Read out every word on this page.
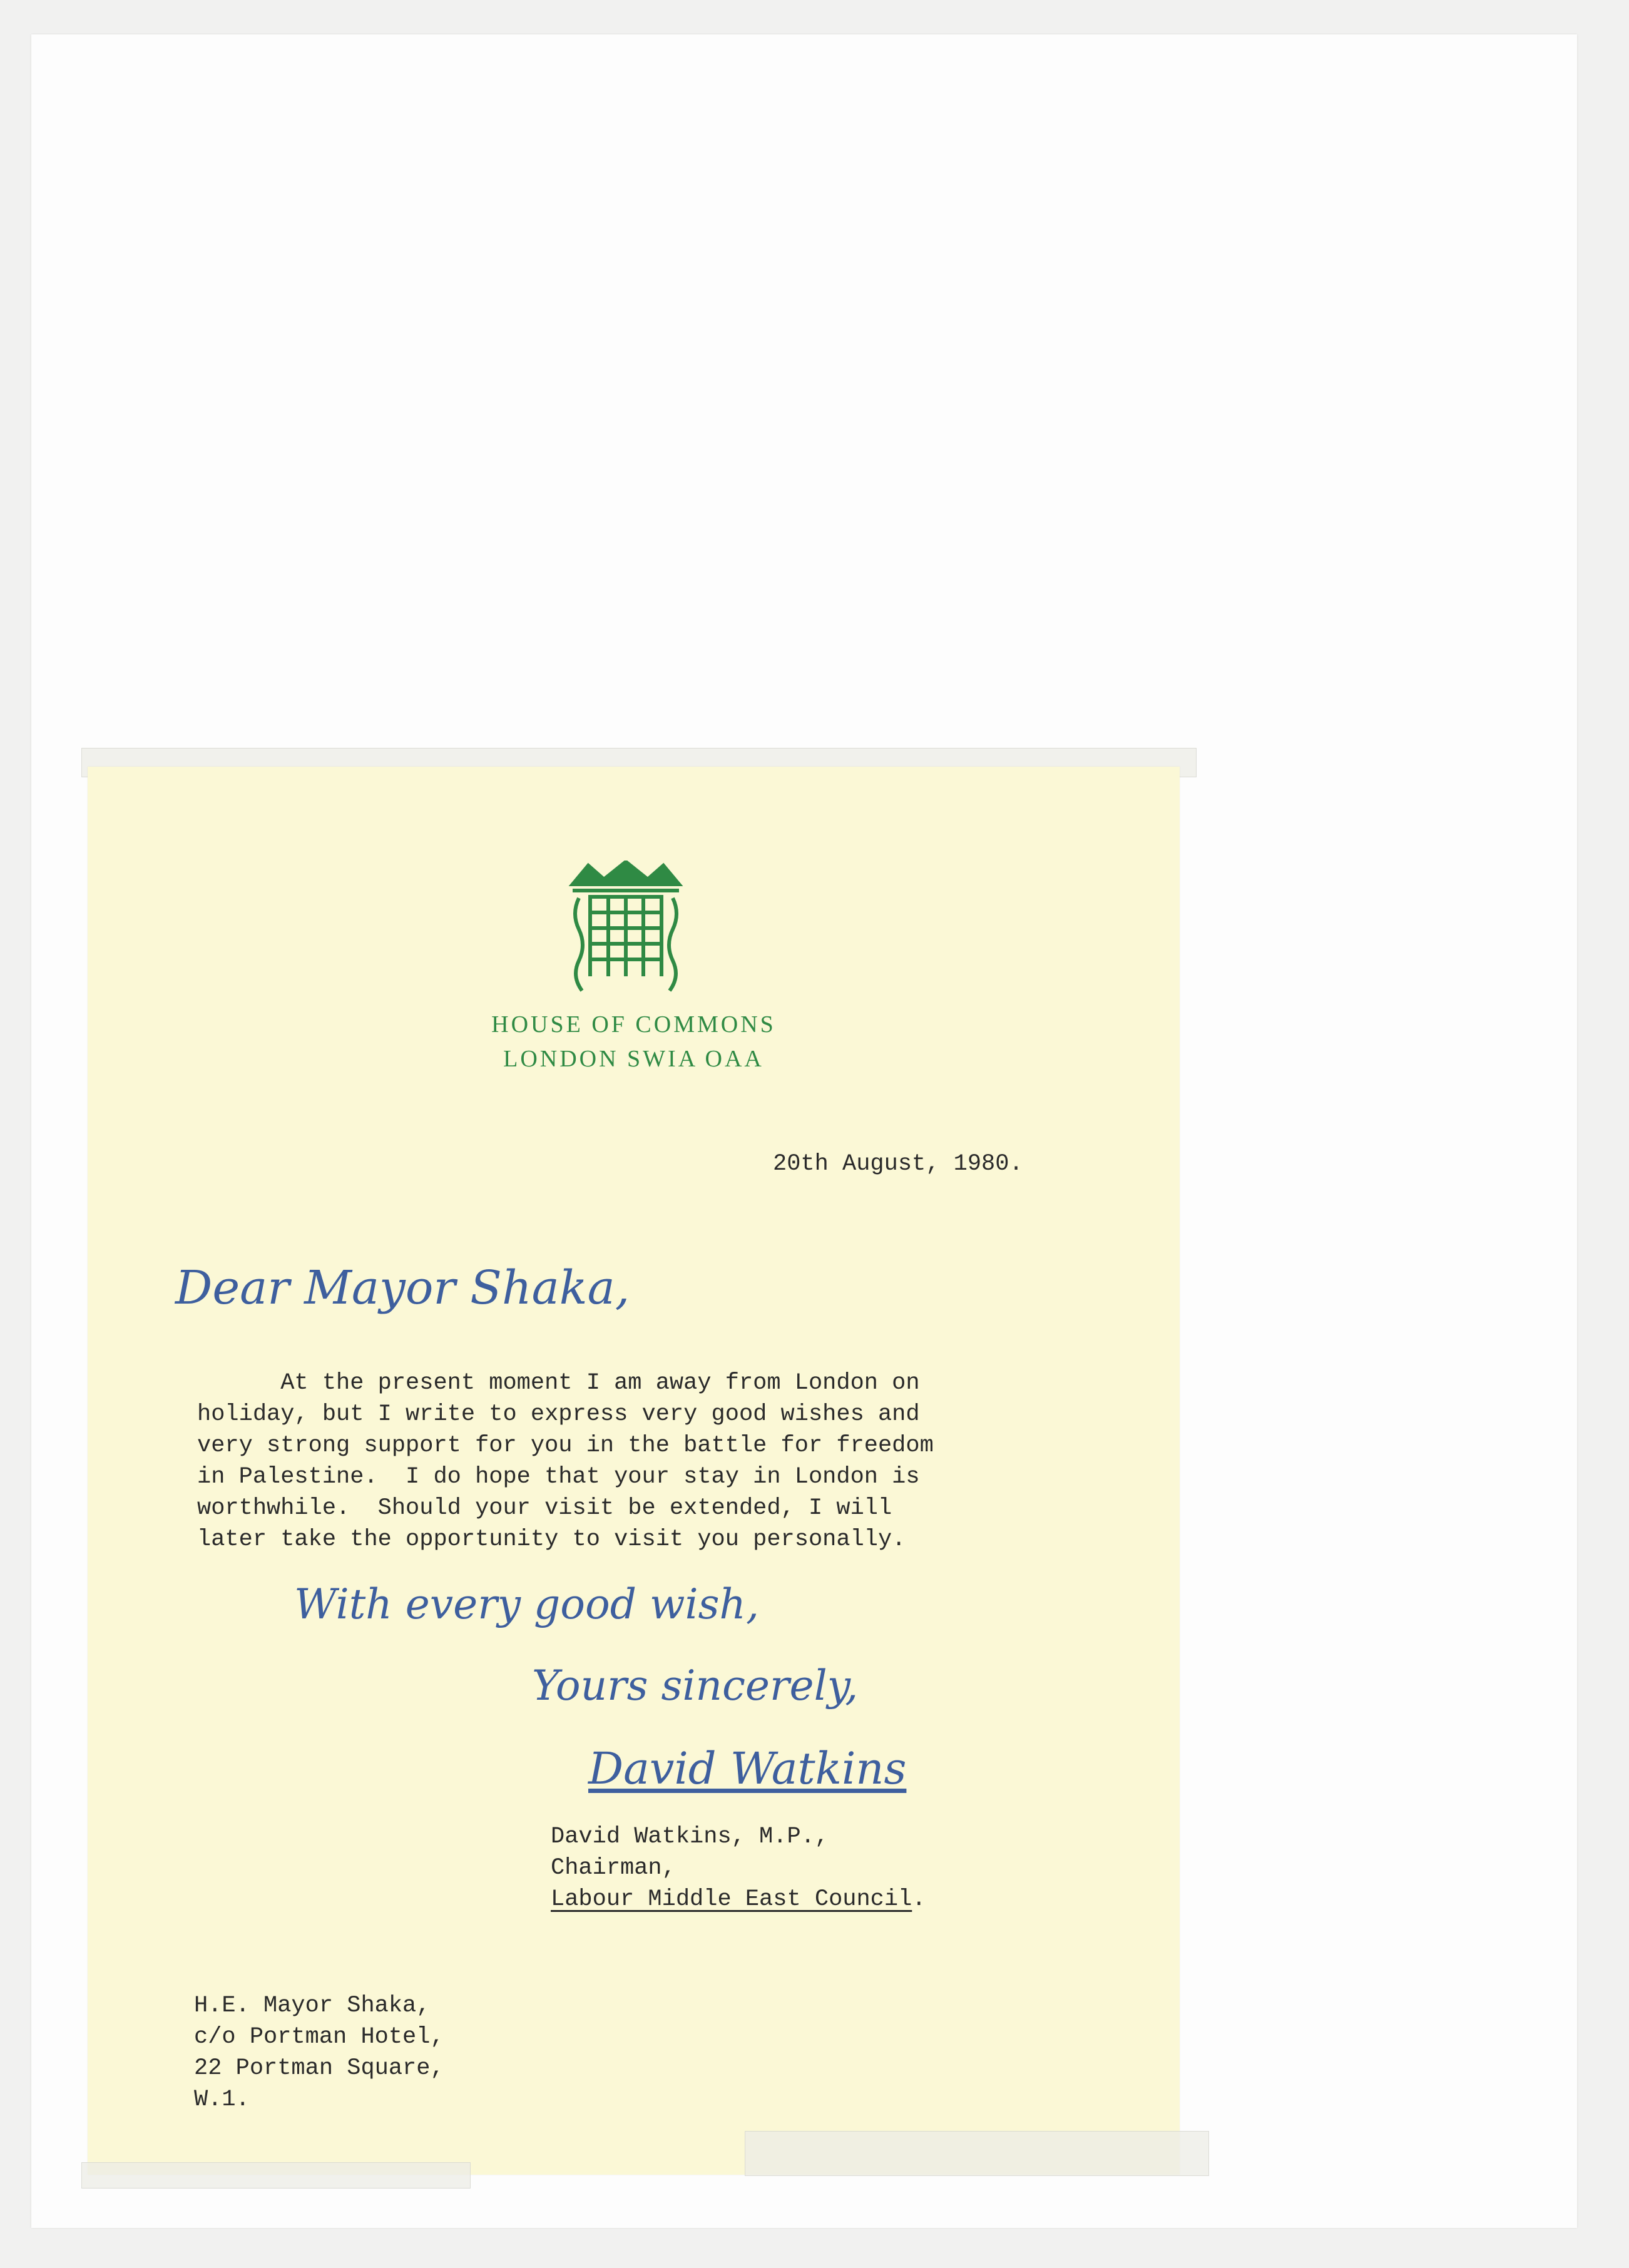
HOUSE OF COMMONS
LONDON SWIA OAA
20th August, 1980.
Dear Mayor Shaka,
At the present moment I am away from London on
holiday, but I write to express very good wishes and
very strong support for you in the battle for freedom
in Palestine.  I do hope that your stay in London is
worthwhile.  Should your visit be extended, I will
later take the opportunity to visit you personally.
With every good wish,
Yours sincerely,
David Watkins
David Watkins, M.P.,
Chairman,
Labour Middle East Council.
H.E. Mayor Shaka,
c/o Portman Hotel,
22 Portman Square,
W.1.
